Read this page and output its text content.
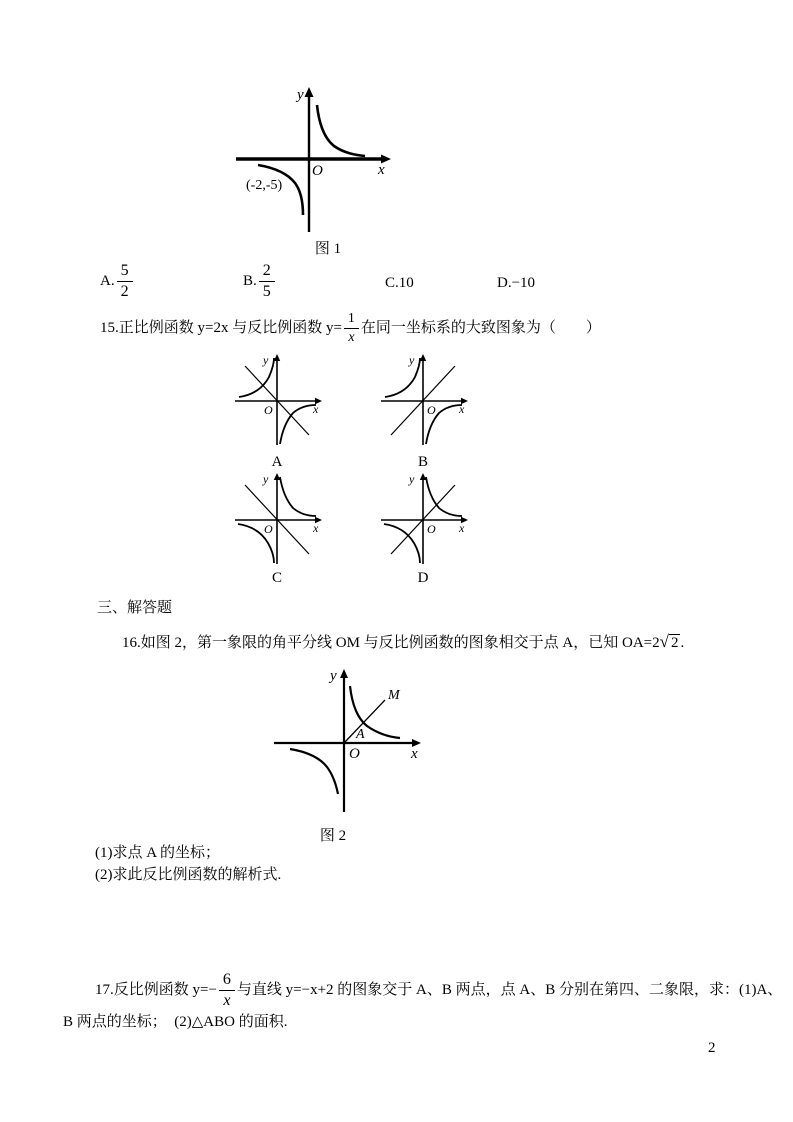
y
x
O
(-2,-5)
图 1
A. $\frac{5}{2}$	B. $\frac{2}{5}$	C.10	D.−10
15.正比例函数 y=2x 与反比例函数 $y= \frac{1}{x}$ 在同一坐标系的大致图象为（　　）
y
x
O
A
y
x
O
B
y
x
O
C
y
x
O
D
三、解答题
16.如图 2，第一象限的角平分线 OM 与反比例函数的图象相交于点 A，已知 OA=2 √ 2 .
y
x
O
M
A
图 2
(1)求点 A 的坐标；
(2)求此反比例函数的解析式.
17.反比例函数 $y=- \frac{6}{x}$ 与直线 y=−x+2 的图象交于 A、B 两点，点 A、B 分别在第四、二象限，求：(1)A、
B 两点的坐标；　(2)△ABO 的面积.
2
